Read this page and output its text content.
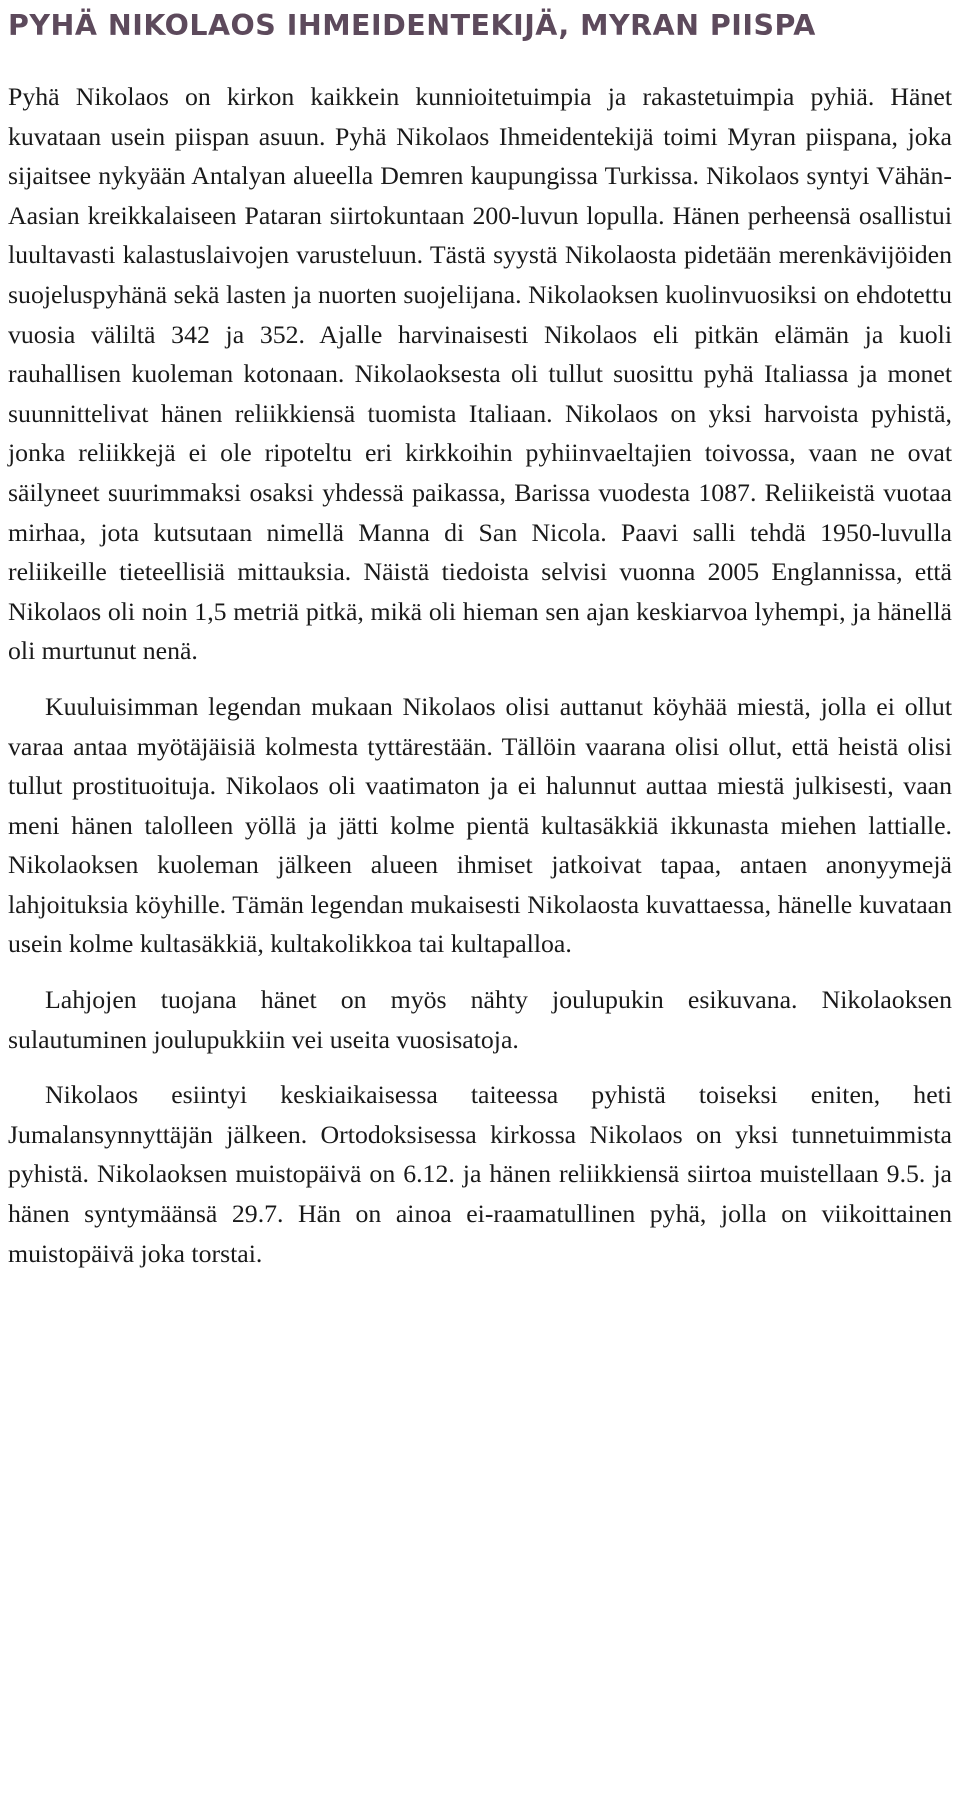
PYHÄ NIKOLAOS IHMEIDENTEKIJÄ, MYRAN PIISPA

Pyhä Nikolaos on kirkon kaikkein kunnioitetuimpia ja rakastetuimpia pyhiä. Hänet kuvataan usein piispan asuun. Pyhä Nikolaos Ihmeidentekijä toimi Myran piispana, joka sijaitsee nykyään Antalyan alueella Demren kaupungissa Turkissa. Nikolaos syntyi Vähän-Aasian kreikkalaiseen Pataran siirtokuntaan 200-luvun lopulla. Hänen perheensä osallistui luultavasti kalastuslaivojen varusteluun. Tästä syystä Nikolaosta pidetään merenkävijöiden suojeluspyhänä sekä lasten ja nuorten suojelijana. Nikolaoksen kuolinvuosiksi on ehdotettu vuosia väliltä 342 ja 352. Ajalle harvinaisesti Nikolaos eli pitkän elämän ja kuoli rauhallisen kuoleman kotonaan. Nikolaoksesta oli tullut suosittu pyhä Italiassa ja monet suunnittelivat hänen reliikkiensä tuomista Italiaan. Nikolaos on yksi harvoista pyhistä, jonka reliikkejä ei ole ripoteltu eri kirkkoihin pyhiinvaeltajien toivossa, vaan ne ovat säilyneet suurimmaksi osaksi yhdessä paikassa, Barissa vuodesta 1087. Reliikeistä vuotaa mirhaa, jota kutsutaan nimellä Manna di San Nicola. Paavi salli tehdä 1950-luvulla reliikeille tieteellisiä mittauksia. Näistä tiedoista selvisi vuonna 2005 Englannissa, että Nikolaos oli noin 1,5 metriä pitkä, mikä oli hieman sen ajan keskiarvoa lyhempi, ja hänellä oli murtunut nenä.

Kuuluisimman legendan mukaan Nikolaos olisi auttanut köyhää miestä, jolla ei ollut varaa antaa myötäjäisiä kolmesta tyttärestään. Tällöin vaarana olisi ollut, että heistä olisi tullut prostituoituja. Nikolaos oli vaatimaton ja ei halunnut auttaa miestä julkisesti, vaan meni hänen talolleen yöllä ja jätti kolme pientä kultasäkkiä ikkunasta miehen lattialle. Nikolaoksen kuoleman jälkeen alueen ihmiset jatkoivat tapaa, antaen anonyymejä lahjoituksia köyhille. Tämän legendan mukaisesti Nikolaosta kuvattaessa, hänelle kuvataan usein kolme kultasäkkiä, kultakolikkoa tai kultapalloa.

Lahjojen tuojana hänet on myös nähty joulupukin esikuvana. Nikolaoksen sulautuminen joulupukkiin vei useita vuosisatoja.

Nikolaos esiintyi keskiaikaisessa taiteessa pyhistä toiseksi eniten, heti Jumalansynnyttäjän jälkeen. Ortodoksisessa kirkossa Nikolaos on yksi tunnetuimmista pyhistä. Nikolaoksen muistopäivä on 6.12. ja hänen reliikkiensä siirtoa muistellaan 9.5. ja hänen syntymäänsä 29.7. Hän on ainoa ei-raamatullinen pyhä, jolla on viikoittainen muistopäivä joka torstai.
